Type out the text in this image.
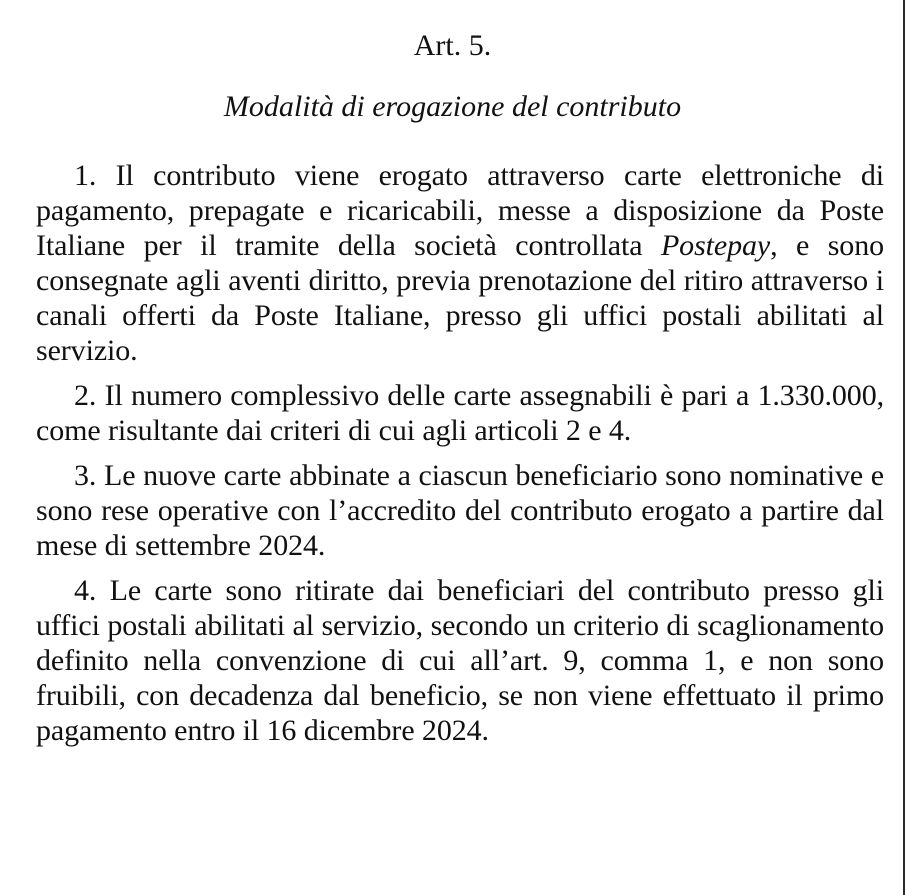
Art. 5.
Modalità di erogazione del contributo

1. Il contributo viene erogato attraverso carte elettroniche di pagamento, prepagate e ricaricabili, messe a disposizione da Poste Italiane per il tramite della società controllata Postepay, e sono consegnate agli aventi diritto, previa prenotazione del ritiro attraverso i canali offerti da Poste Italiane, presso gli uffici postali abilitati al servizio.

2. Il numero complessivo delle carte assegnabili è pari a 1.330.000, come risultante dai criteri di cui agli articoli 2 e 4.

3. Le nuove carte abbinate a ciascun beneficiario sono nominative e sono rese operative con l’accredito del contributo erogato a partire dal mese di settembre 2024.

4. Le carte sono ritirate dai beneficiari del contributo presso gli uffici postali abilitati al servizio, secondo un criterio di scaglionamento definito nella convenzione di cui all’art. 9, comma 1, e non sono fruibili, con decadenza dal beneficio, se non viene effettuato il primo pagamento entro il 16 dicembre 2024.
